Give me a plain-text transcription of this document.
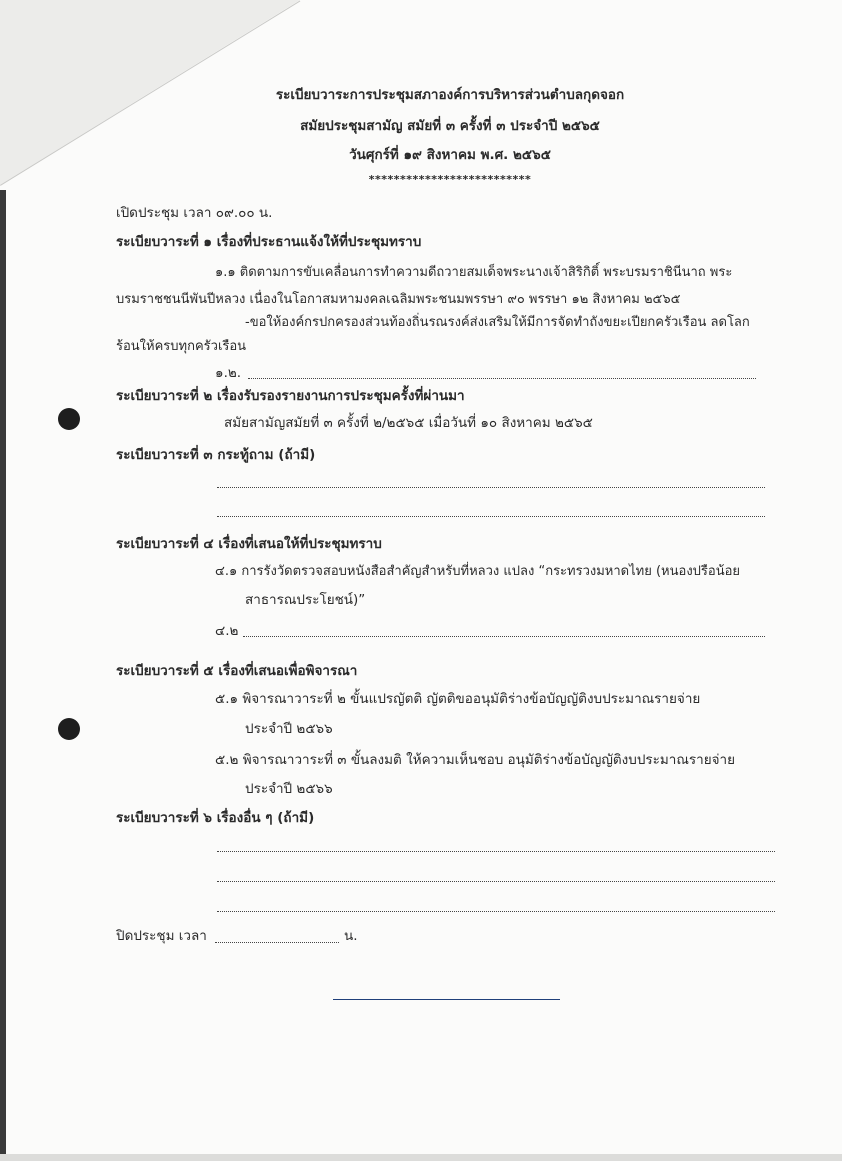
ระเบียบวาระการประชุมสภาองค์การบริหารส่วนตำบลกุดจอก
สมัยประชุมสามัญ สมัยที่ ๓ ครั้งที่ ๓ ประจำปี ๒๕๖๕
วันศุกร์ที่ ๑๙ สิงหาคม พ.ศ. ๒๕๖๕
**************************
เปิดประชุม เวลา ๐๙.๐๐ น.
ระเบียบวาระที่ ๑ เรื่องที่ประธานแจ้งให้ที่ประชุมทราบ
๑.๑ ติดตามการขับเคลื่อนการทำความดีถวายสมเด็จพระนางเจ้าสิริกิติ์ พระบรมราชินีนาถ พระ
บรมราชชนนีพันปีหลวง เนื่องในโอกาสมหามงคลเฉลิมพระชนมพรรษา ๙๐ พรรษา ๑๒ สิงหาคม ๒๕๖๕
-ขอให้องค์กรปกครองส่วนท้องถิ่นรณรงค์ส่งเสริมให้มีการจัดทำถังขยะเปียกครัวเรือน ลดโลก
ร้อนให้ครบทุกครัวเรือน
๑.๒.
ระเบียบวาระที่ ๒ เรื่องรับรองรายงานการประชุมครั้งที่ผ่านมา
สมัยสามัญสมัยที่ ๓ ครั้งที่ ๒/๒๕๖๕ เมื่อวันที่ ๑๐ สิงหาคม ๒๕๖๕
ระเบียบวาระที่ ๓ กระทู้ถาม (ถ้ามี)
ระเบียบวาระที่ ๔ เรื่องที่เสนอให้ที่ประชุมทราบ
๔.๑ การรังวัดตรวจสอบหนังสือสำคัญสำหรับที่หลวง แปลง “กระทรวงมหาดไทย (หนองปรือน้อย
สาธารณประโยชน์)”
๔.๒
ระเบียบวาระที่ ๕ เรื่องที่เสนอเพื่อพิจารณา
๕.๑ พิจารณาวาระที่ ๒ ขั้นแปรญัตติ ญัตติขออนุมัติร่างข้อบัญญัติงบประมาณรายจ่าย
ประจำปี ๒๕๖๖
๕.๒ พิจารณาวาระที่ ๓ ขั้นลงมติ ให้ความเห็นชอบ อนุมัติร่างข้อบัญญัติงบประมาณรายจ่าย
ประจำปี ๒๕๖๖
ระเบียบวาระที่ ๖ เรื่องอื่น ๆ (ถ้ามี)
ปิดประชุม เวลา	น.
